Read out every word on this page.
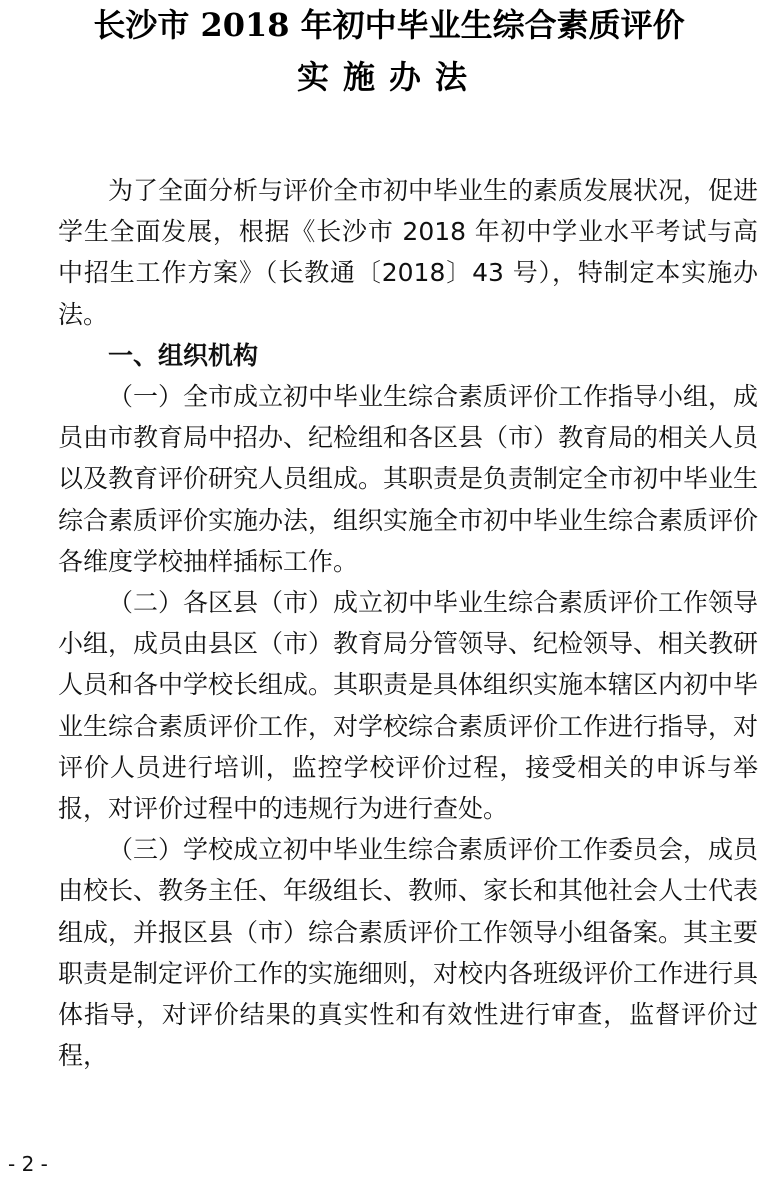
长沙市 2018 年初中毕业生综合素质评价
实施办法

为了全面分析与评价全市初中毕业生的素质发展状况，促进学生全面发展，根据《长沙市 2018 年初中学业水平考试与高中招生工作方案》（长教通〔2018〕43 号），特制定本实施办法。

一、组织机构

（一）全市成立初中毕业生综合素质评价工作指导小组，成员由市教育局中招办、纪检组和各区县（市）教育局的相关人员以及教育评价研究人员组成。其职责是负责制定全市初中毕业生综合素质评价实施办法，组织实施全市初中毕业生综合素质评价各维度学校抽样插标工作。

（二）各区县（市）成立初中毕业生综合素质评价工作领导小组，成员由县区（市）教育局分管领导、纪检领导、相关教研人员和各中学校长组成。其职责是具体组织实施本辖区内初中毕业生综合素质评价工作，对学校综合素质评价工作进行指导，对评价人员进行培训，监控学校评价过程，接受相关的申诉与举报，对评价过程中的违规行为进行查处。

（三）学校成立初中毕业生综合素质评价工作委员会，成员由校长、教务主任、年级组长、教师、家长和其他社会人士代表组成，并报区县（市）综合素质评价工作领导小组备案。其主要职责是制定评价工作的实施细则，对校内各班级评价工作进行具体指导，对评价结果的真实性和有效性进行审查，监督评价过程，

- 2 -
